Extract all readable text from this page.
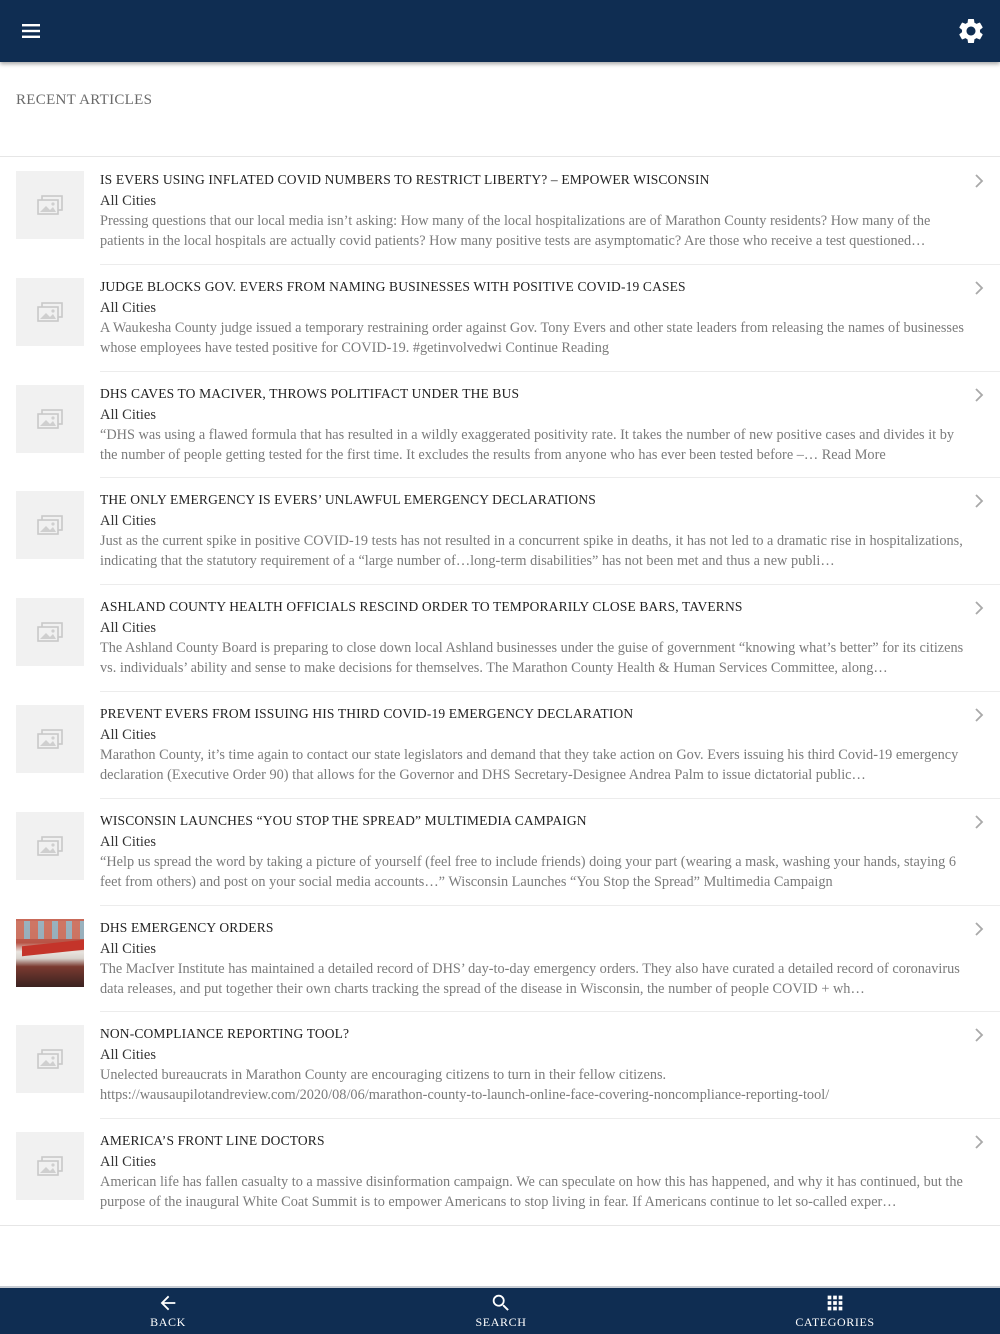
RECENT ARTICLES
IS EVERS USING INFLATED COVID NUMBERS TO RESTRICT LIBERTY? – EMPOWER WISCONSIN
All Cities
Pressing questions that our local media isn’t asking: How many of the local hospitalizations are of Marathon County residents? How many of the patients in the local hospitals are actually covid patients? How many positive tests are asymptomatic? Are those who receive a test questioned…
JUDGE BLOCKS GOV. EVERS FROM NAMING BUSINESSES WITH POSITIVE COVID-19 CASES
All Cities
A Waukesha County judge issued a temporary restraining order against Gov. Tony Evers and other state leaders from releasing the names of businesses whose employees have tested positive for COVID-19. #getinvolvedwi Continue Reading
DHS CAVES TO MACIVER, THROWS POLITIFACT UNDER THE BUS
All Cities
“DHS was using a flawed formula that has resulted in a wildly exaggerated positivity rate. It takes the number of new positive cases and divides it by the number of people getting tested for the first time. It excludes the results from anyone who has ever been tested before –… Read More
THE ONLY EMERGENCY IS EVERS’ UNLAWFUL EMERGENCY DECLARATIONS
All Cities
Just as the current spike in positive COVID-19 tests has not resulted in a concurrent spike in deaths, it has not led to a dramatic rise in hospitalizations, indicating that the statutory requirement of a “large number of…long-term disabilities” has not been met and thus a new publi…
ASHLAND COUNTY HEALTH OFFICIALS RESCIND ORDER TO TEMPORARILY CLOSE BARS, TAVERNS
All Cities
The Ashland County Board is preparing to close down local Ashland businesses under the guise of government “knowing what’s better” for its citizens vs. individuals’ ability and sense to make decisions for themselves. The Marathon County Health & Human Services Committee, along…
PREVENT EVERS FROM ISSUING HIS THIRD COVID-19 EMERGENCY DECLARATION
All Cities
Marathon County, it’s time again to contact our state legislators and demand that they take action on Gov. Evers issuing his third Covid-19 emergency declaration (Executive Order 90) that allows for the Governor and DHS Secretary-Designee Andrea Palm to issue dictatorial public…
WISCONSIN LAUNCHES “YOU STOP THE SPREAD” MULTIMEDIA CAMPAIGN
All Cities
“Help us spread the word by taking a picture of yourself (feel free to include friends) doing your part (wearing a mask, washing your hands, staying 6 feet from others) and post on your social media accounts…” Wisconsin Launches “You Stop the Spread” Multimedia Campaign
DHS EMERGENCY ORDERS
All Cities
The MacIver Institute has maintained a detailed record of DHS’ day-to-day emergency orders. They also have curated a detailed record of coronavirus data releases, and put together their own charts tracking the spread of the disease in Wisconsin, the number of people COVID + wh…
NON-COMPLIANCE REPORTING TOOL?
All Cities
Unelected bureaucrats in Marathon County are encouraging citizens to turn in their fellow citizens. https://wausaupilotandreview.com/2020/08/06/marathon-county-to-launch-online-face-covering-noncompliance-reporting-tool/
AMERICA’S FRONT LINE DOCTORS
All Cities
American life has fallen casualty to a massive disinformation campaign. We can speculate on how this has happened, and why it has continued, but the purpose of the inaugural White Coat Summit is to empower Americans to stop living in fear. If Americans continue to let so-called exper…
BACK	SEARCH	CATEGORIES
